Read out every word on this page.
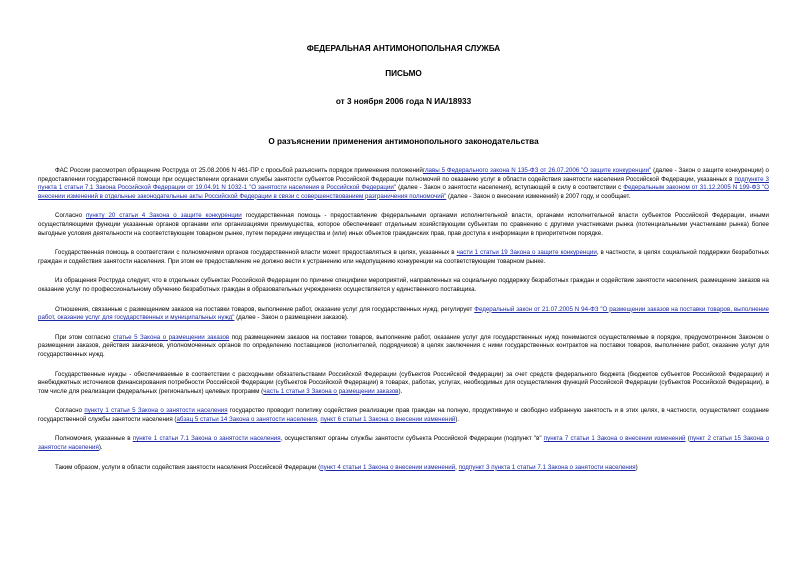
ФЕДЕРАЛЬНАЯ АНТИМОНОПОЛЬНАЯ СЛУЖБА
ПИСЬМО
от 3 ноября 2006 года N ИА/18933
О разъяснении применения антимонопольного законодательства

ФАС России рассмотрел обращение Роструда от 25.08.2006 N 461-ПР с просьбой разъяснить порядок применения положенийглавы 5 Федерального закона N 135-ФЗ от 26.07.2006 "О защите конкуренции" (далее - Закон о защите конкуренции) о предоставлении государственной помощи при осуществлении органами службы занятости субъектов Российской Федерации полномочий по оказанию услуг в области содействия занятости населения Российской Федерации, указанных в подпункте 3 пункта 1 статьи 7.1 Закона Российской Федерации от 19.04.91 N 1032-1 "О занятости населения в Российской Федерации" (далее - Закон о занятости населения), вступающей в силу в соответствии с Федеральным законом от 31.12.2005 N 199-ФЗ "О внесении изменений в отдельные законодательные акты Российской Федерации в связи с совершенствованием разграничения полномочий" (далее - Закон о внесении изменений) в 2007 году, и сообщает.

Согласно пункту 20 статьи 4 Закона о защите конкуренции государственная помощь - предоставление федеральными органами исполнительной власти, органами исполнительной власти субъектов Российской Федерации, иными осуществляющими функции указанные органов органами или организациями преимущества, которое обеспечивает отдельным хозяйствующим субъектам по сравнению с другими участниками рынка (потенциальными участниками рынка) более выгодные условия деятельности на соответствующем товарном рынке, путем передачи имущества и (или) иных объектов гражданских прав, прав доступа к информации в приоритетном порядке.

Государственная помощь в соответствии с полномочиями органов государственной власти может предоставляться в целях, указанных в части 1 статьи 19 Закона о защите конкуренции, в частности, в целях социальной поддержки безработных граждан и содействия занятости населения. При этом ее предоставление не должно вести к устранению или недопущению конкуренции на соответствующем товарном рынке.

Из обращения Роструда следует, что в отдельных субъектах Российской Федерации по причине специфики мероприятий, направленных на социальную поддержку безработных граждан и содействие занятости населения, размещение заказов на оказание услуг по профессиональному обучению безработных граждан в образовательных учреждениях осуществляется у единственного поставщика.

Отношения, связанные с размещением заказов на поставки товаров, выполнение работ, оказание услуг для государственных нужд, регулирует Федеральный закон от 21.07.2005 N 94-ФЗ "О размещении заказов на поставки товаров, выполнение работ, оказание услуг для государственных и муниципальных нужд" (далее - Закон о размещении заказов).

При этом согласно статье 5 Закона о размещении заказов под размещением заказов на поставки товаров, выполнение работ, оказание услуг для государственных нужд понимаются осуществляемые в порядке, предусмотренном Законом о размещении заказов, действия заказчиков, уполномоченных органов по определению поставщиков (исполнителей, подрядчиков) в целях заключения с ними государственных контрактов на поставки товаров, выполнение работ, оказание услуг для государственных нужд.

Государственные нужды - обеспечиваемые в соответствии с расходными обязательствами Российской Федерации (субъектов Российской Федерации) за счет средств федерального бюджета (бюджетов субъектов Российской Федерации) и внебюджетных источников финансирования потребности Российской Федерации (субъектов Российской Федерации) в товарах, работах, услугах, необходимых для осуществления функций Российской Федерации (субъектов Российской Федерации), в том числе для реализации федеральных (региональных) целевых программ (часть 1 статьи 3 Закона о размещении заказов).

Согласно пункту 1 статьи 5 Закона о занятости населения государство проводит политику содействия реализации прав граждан на полную, продуктивную и свободно избранную занятость и в этих целях, в частности, осуществляет создание государственной службы занятости населения (абзац 5 статьи 14 Закона о занятости населения, пункт 6 статьи 1 Закона о внесении изменений).

Полномочия, указанные в пункте 1 статьи 7.1 Закона о занятости населения, осуществляют органы службы занятости субъекта Российской Федерации (подпункт "в" пункта 7 статьи 1 Закона о внесении изменений (пункт 2 статьи 15 Закона о занятости населения).

Таким образом, услуги в области содействия занятости населения Российской Федерации (пункт 4 статьи 1 Закона о внесении изменений, подпункт 3 пункта 1 статьи 7.1 Закона о занятости населения)
